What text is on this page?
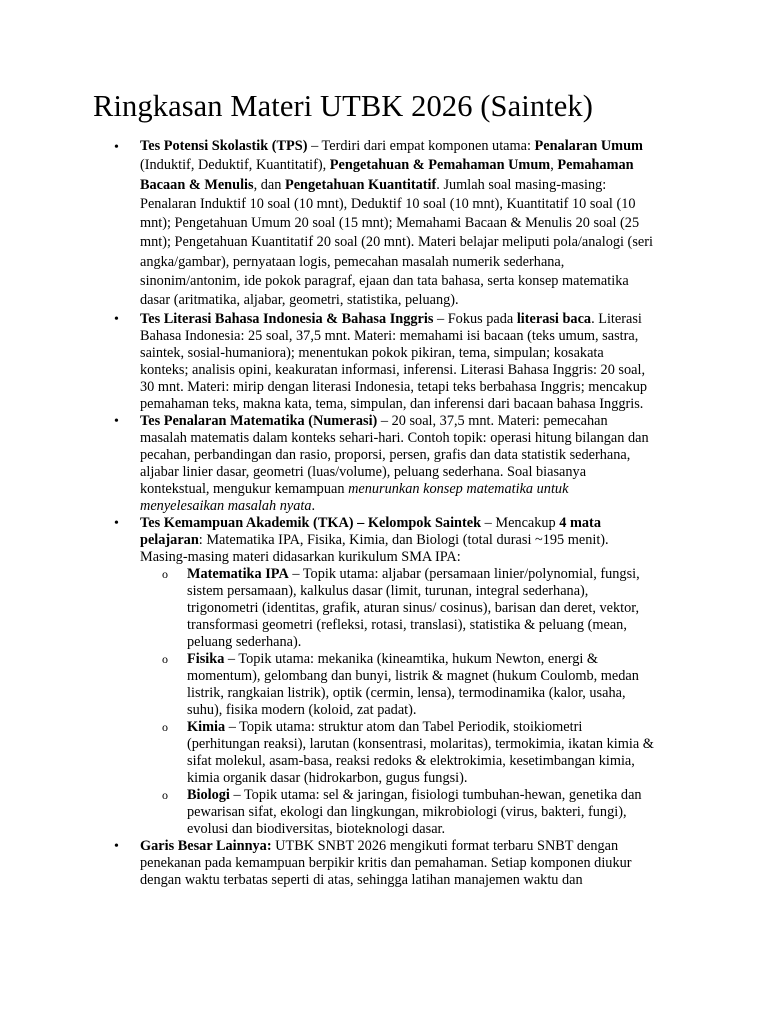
Ringkasan Materi UTBK 2026 (Saintek)
• Tes Potensi Skolastik (TPS) – Terdiri dari empat komponen utama: Penalaran Umum (Induktif, Deduktif, Kuantitatif), Pengetahuan & Pemahaman Umum, Pemahaman Bacaan & Menulis, dan Pengetahuan Kuantitatif. Jumlah soal masing-masing: Penalaran Induktif 10 soal (10 mnt), Deduktif 10 soal (10 mnt), Kuantitatif 10 soal (10 mnt); Pengetahuan Umum 20 soal (15 mnt); Memahami Bacaan & Menulis 20 soal (25 mnt); Pengetahuan Kuantitatif 20 soal (20 mnt). Materi belajar meliputi pola/analogi (seri angka/gambar), pernyataan logis, pemecahan masalah numerik sederhana, sinonim/antonim, ide pokok paragraf, ejaan dan tata bahasa, serta konsep matematika dasar (aritmatika, aljabar, geometri, statistika, peluang).
• Tes Literasi Bahasa Indonesia & Bahasa Inggris – Fokus pada literasi baca. Literasi Bahasa Indonesia: 25 soal, 37,5 mnt. Materi: memahami isi bacaan (teks umum, sastra, saintek, sosial-humaniora); menentukan pokok pikiran, tema, simpulan; kosakata konteks; analisis opini, keakuratan informasi, inferensi. Literasi Bahasa Inggris: 20 soal, 30 mnt. Materi: mirip dengan literasi Indonesia, tetapi teks berbahasa Inggris; mencakup pemahaman teks, makna kata, tema, simpulan, dan inferensi dari bacaan bahasa Inggris.
• Tes Penalaran Matematika (Numerasi) – 20 soal, 37,5 mnt. Materi: pemecahan masalah matematis dalam konteks sehari-hari. Contoh topik: operasi hitung bilangan dan pecahan, perbandingan dan rasio, proporsi, persen, grafis dan data statistik sederhana, aljabar linier dasar, geometri (luas/volume), peluang sederhana. Soal biasanya kontekstual, mengukur kemampuan menurunkan konsep matematika untuk menyelesaikan masalah nyata.
• Tes Kemampuan Akademik (TKA) – Kelompok Saintek – Mencakup 4 mata pelajaran: Matematika IPA, Fisika, Kimia, dan Biologi (total durasi ~195 menit). Masing-masing materi didasarkan kurikulum SMA IPA:
o Matematika IPA – Topik utama: aljabar (persamaan linier/polynomial, fungsi, sistem persamaan), kalkulus dasar (limit, turunan, integral sederhana), trigonometri (identitas, grafik, aturan sinus/ cosinus), barisan dan deret, vektor, transformasi geometri (refleksi, rotasi, translasi), statistika & peluang (mean, peluang sederhana).
o Fisika – Topik utama: mekanika (kineamtika, hukum Newton, energi & momentum), gelombang dan bunyi, listrik & magnet (hukum Coulomb, medan listrik, rangkaian listrik), optik (cermin, lensa), termodinamika (kalor, usaha, suhu), fisika modern (koloid, zat padat).
o Kimia – Topik utama: struktur atom dan Tabel Periodik, stoikiometri (perhitungan reaksi), larutan (konsentrasi, molaritas), termokimia, ikatan kimia & sifat molekul, asam-basa, reaksi redoks & elektrokimia, kesetimbangan kimia, kimia organik dasar (hidrokarbon, gugus fungsi).
o Biologi – Topik utama: sel & jaringan, fisiologi tumbuhan-hewan, genetika dan pewarisan sifat, ekologi dan lingkungan, mikrobiologi (virus, bakteri, fungi), evolusi dan biodiversitas, bioteknologi dasar.
• Garis Besar Lainnya: UTBK SNBT 2026 mengikuti format terbaru SNBT dengan penekanan pada kemampuan berpikir kritis dan pemahaman. Setiap komponen diukur dengan waktu terbatas seperti di atas, sehingga latihan manajemen waktu dan
